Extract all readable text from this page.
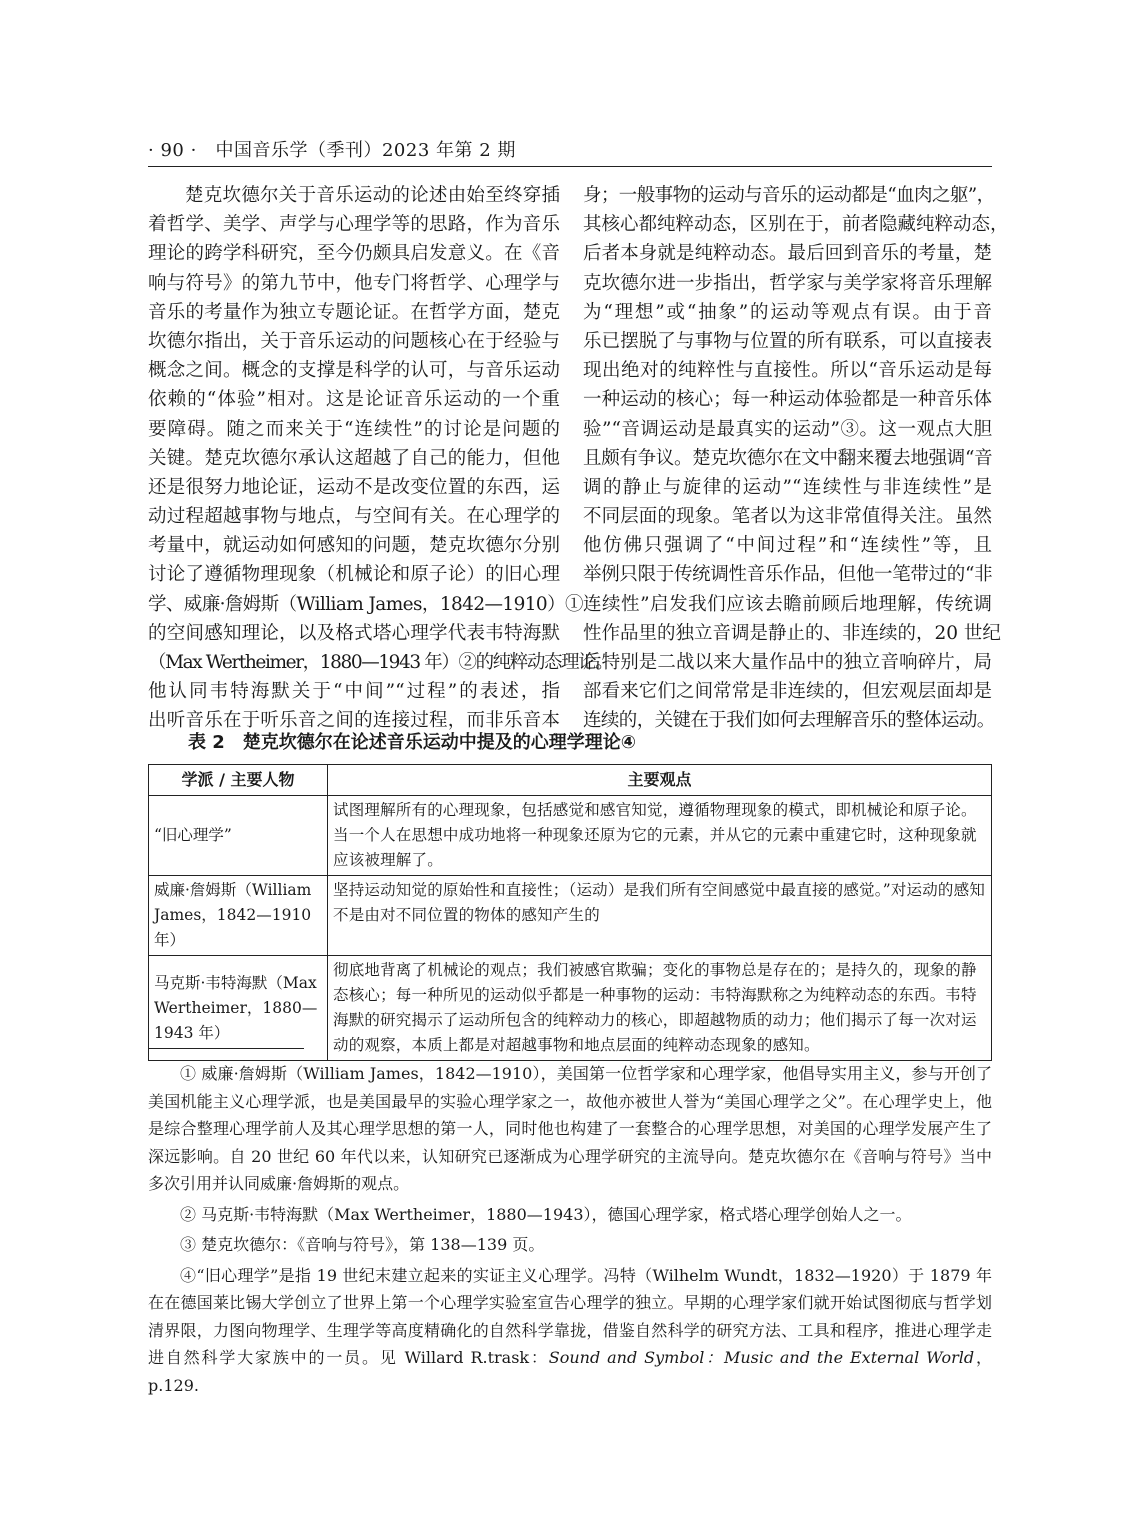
· 90 · 中国音乐学（季刊）2023 年第 2 期
楚克坎德尔关于音乐运动的论述由始至终穿插
着哲学、美学、声学与心理学等的思路，作为音乐
理论的跨学科研究，至今仍颇具启发意义。在《音
响与符号》的第九节中，他专门将哲学、心理学与
音乐的考量作为独立专题论证。在哲学方面，楚克
坎德尔指出，关于音乐运动的问题核心在于经验与
概念之间。概念的支撑是科学的认可，与音乐运动
依赖的“体验”相对。这是论证音乐运动的一个重
要障碍。随之而来关于“连续性”的讨论是问题的
关键。楚克坎德尔承认这超越了自己的能力，但他
还是很努力地论证，运动不是改变位置的东西，运
动过程超越事物与地点，与空间有关。在心理学的
考量中，就运动如何感知的问题，楚克坎德尔分别
讨论了遵循物理现象（机械论和原子论）的旧心理
学、威廉·詹姆斯（William James，1842—1910）①
的空间感知理论，以及格式塔心理学代表韦特海默
（Max Wertheimer，1880—1943 年）②的纯粹动态理论。
他认同韦特海默关于“中间”“过程”的表述，指
出听音乐在于听乐音之间的连接过程，而非乐音本
身；一般事物的运动与音乐的运动都是“血肉之躯”，
其核心都纯粹动态，区别在于，前者隐藏纯粹动态，
后者本身就是纯粹动态。最后回到音乐的考量，楚
克坎德尔进一步指出，哲学家与美学家将音乐理解
为“理想”或“抽象”的运动等观点有误。由于音
乐已摆脱了与事物与位置的所有联系，可以直接表
现出绝对的纯粹性与直接性。所以“音乐运动是每
一种运动的核心；每一种运动体验都是一种音乐体
验”“音调运动是最真实的运动”③。这一观点大胆
且颇有争议。楚克坎德尔在文中翻来覆去地强调“音
调的静止与旋律的运动”“连续性与非连续性”是
不同层面的现象。笔者以为这非常值得关注。虽然
他仿佛只强调了“中间过程”和“连续性”等，且
举例只限于传统调性音乐作品，但他一笔带过的“非
连续性”启发我们应该去瞻前顾后地理解，传统调
性作品里的独立音调是静止的、非连续的，20 世纪
后特别是二战以来大量作品中的独立音响碎片，局
部看来它们之间常常是非连续的，但宏观层面却是
连续的，关键在于我们如何去理解音乐的整体运动。
表 2　楚克坎德尔在论述音乐运动中提及的心理学理论④
学派 / 主要人物	主要观点
“旧心理学”	试图理解所有的心理现象，包括感觉和感官知觉，遵循物理现象的模式，即机械论和原子论。当一个人在思想中成功地将一种现象还原为它的元素，并从它的元素中重建它时，这种现象就应该被理解了。
威廉·詹姆斯（William James，1842—1910 年）	坚持运动知觉的原始性和直接性；（运动）是我们所有空间感觉中最直接的感觉。”对运动的感知不是由对不同位置的物体的感知产生的
马克斯·韦特海默（Max Wertheimer，1880—1943 年）	彻底地背离了机械论的观点；我们被感官欺骗；变化的事物总是存在的；是持久的，现象的静态核心；每一种所见的运动似乎都是一种事物的运动：韦特海默称之为纯粹动态的东西。韦特海默的研究揭示了运动所包含的纯粹动力的核心，即超越物质的动力；他们揭示了每一次对运动的观察，本质上都是对超越事物和地点层面的纯粹动态现象的感知。

① 威廉·詹姆斯（William James，1842—1910），美国第一位哲学家和心理学家，他倡导实用主义，参与开创了美国机能主义心理学派，也是美国最早的实验心理学家之一，故他亦被世人誉为“美国心理学之父”。在心理学史上，他是综合整理心理学前人及其心理学思想的第一人，同时他也构建了一套整合的心理学思想，对美国的心理学发展产生了深远影响。自 20 世纪 60 年代以来，认知研究已逐渐成为心理学研究的主流导向。楚克坎德尔在《音响与符号》当中多次引用并认同威廉·詹姆斯的观点。

② 马克斯·韦特海默（Max Wertheimer，1880—1943），德国心理学家，格式塔心理学创始人之一。

③ 楚克坎德尔：《音响与符号》，第 138—139 页。

④“旧心理学”是指 19 世纪末建立起来的实证主义心理学。冯特（Wilhelm Wundt，1832—1920）于 1879 年在在德国莱比锡大学创立了世界上第一个心理学实验室宣告心理学的独立。早期的心理学家们就开始试图彻底与哲学划清界限，力图向物理学、生理学等高度精确化的自然科学靠拢，借鉴自然科学的研究方法、工具和程序，推进心理学走进自然科学大家族中的一员。见 Willard R.trask：Sound and Symbol：Music and the External World，p.129.
